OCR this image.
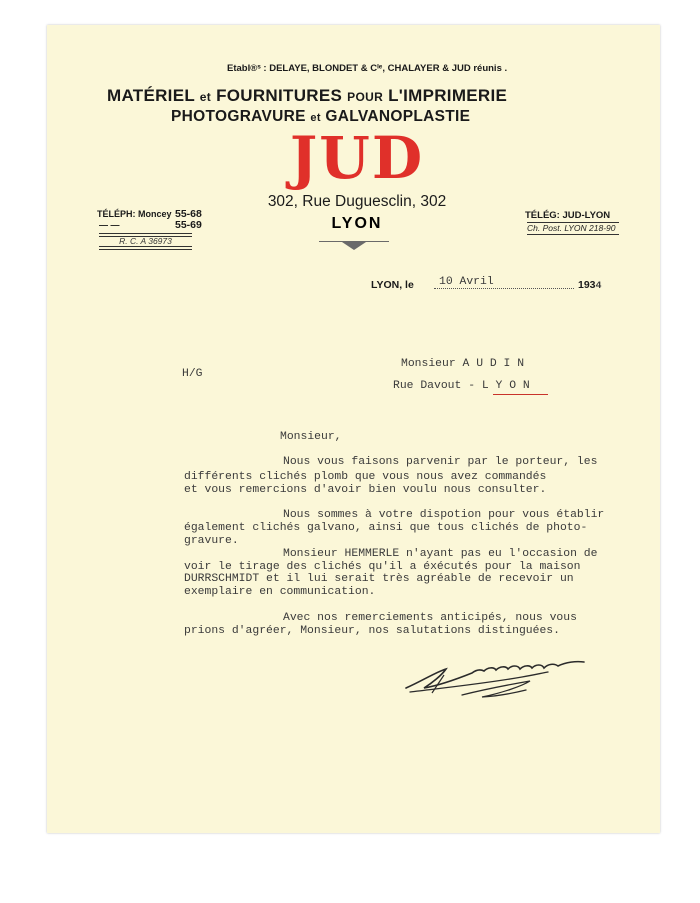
Etabl®ˢ : DELAYE, BLONDET & Cᴵᵉ, CHALAYER & JUD réunis .
MATÉRIEL et FOURNITURES POUR L'IMPRIMERIE
PHOTOGRAVURE et GALVANOPLASTIE
JUD
302, Rue Duguesclin, 302
LYON
TÉLÉPH: Moncey 55-68
55-69
— —
R. C. A 36973
TÉLÉG: JUD-LYON
Ch. Post. LYON 218-90
LYON, le 10 Avril	1934
H/G
Monsieur A U D I N
Rue Davout - L Y O N
Monsieur,
Nous vous faisons parvenir par le porteur, les
différents clichés plomb que vous nous avez commandés
et vous remercions d'avoir bien voulu nous consulter.
Nous sommes à votre dispotion pour vous établir
également clichés galvano, ainsi que tous clichés de photo-
gravure.
Monsieur HEMMERLE n'ayant pas eu l'occasion de
voir le tirage des clichés qu'il a éxécutés pour la maison
DURRSCHMIDT et il lui serait très agréable de recevoir un
exemplaire en communication.
Avec nos remerciements anticipés, nous vous
prions d'agréer, Monsieur, nos salutations distinguées.
